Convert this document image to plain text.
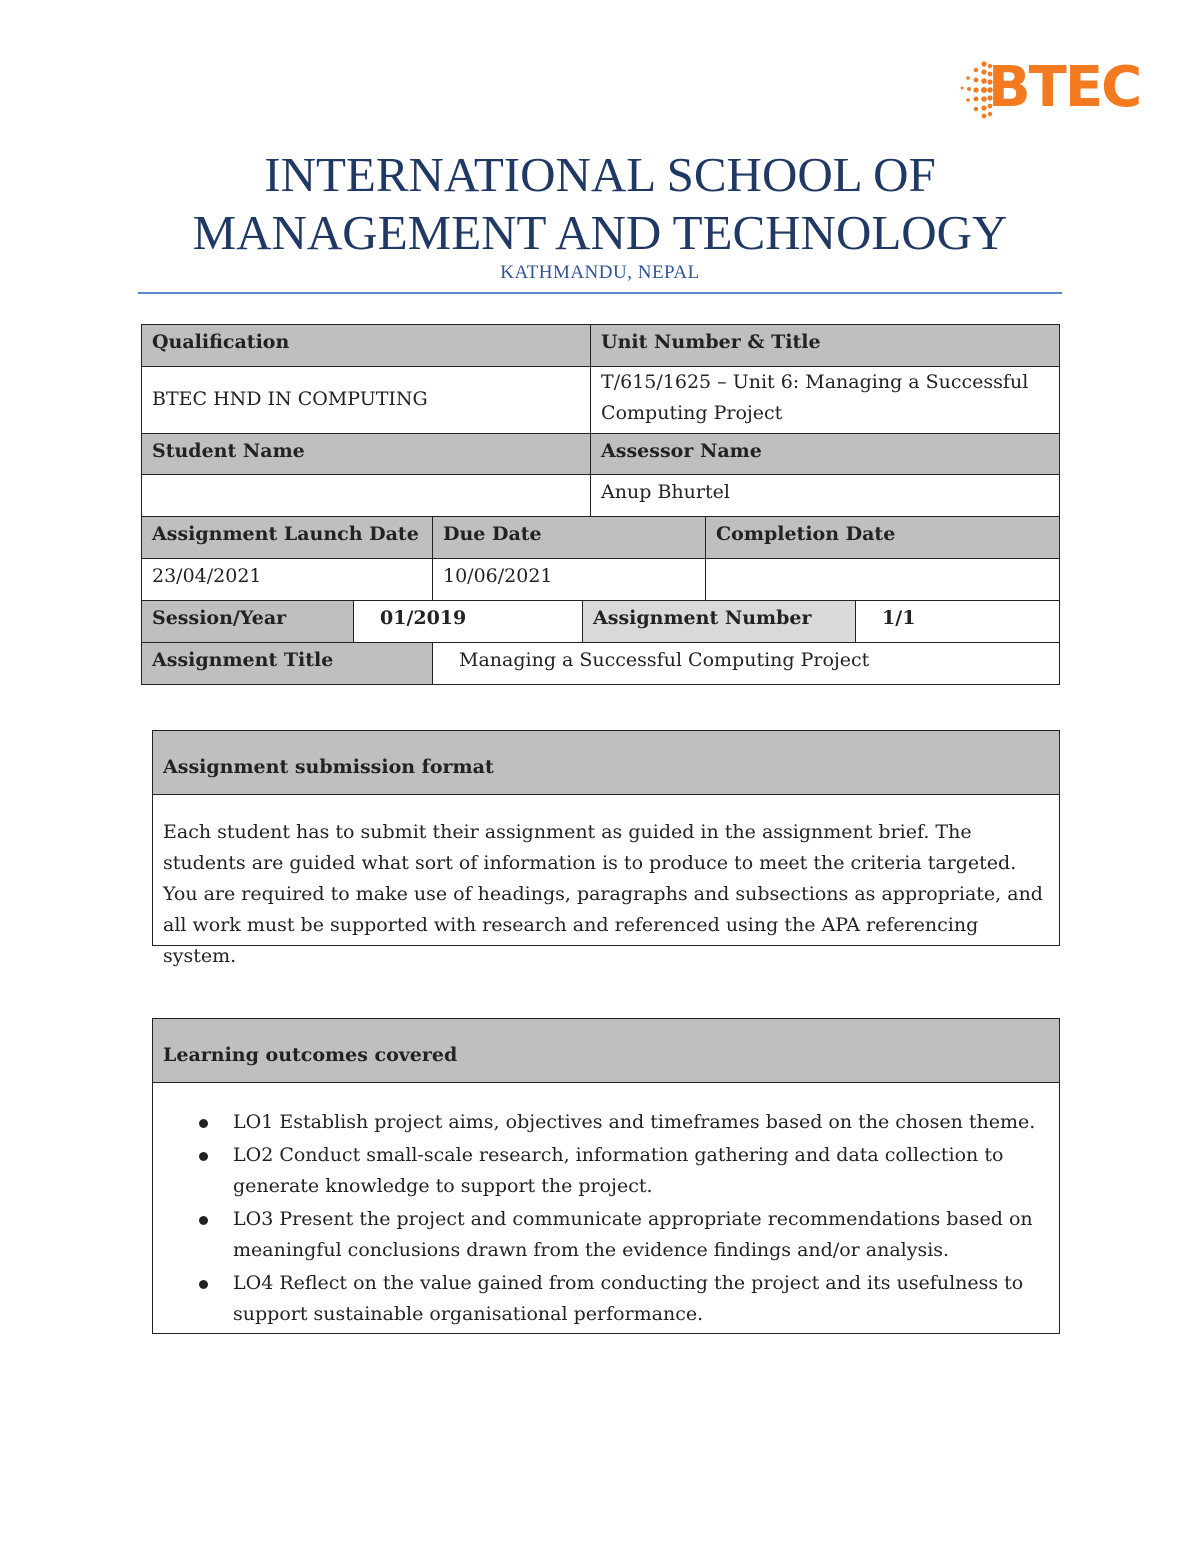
BTEC
INTERNATIONAL SCHOOL OF
MANAGEMENT AND TECHNOLOGY
KATHMANDU, NEPAL
Qualification				Unit Number & Title		
BTEC HND IN COMPUTING				T/615/1625 – Unit 6: Managing a Successful Computing Project		
Student Name				Assessor Name		
				Anup Bhurtel		
Assignment Launch Date		Due Date			Completion Date	
23/04/2021		10/06/2021				
Session/Year	01/2019		Assignment Number			1/1
Assignment Title		Managing a Successful Computing Project				
Assignment submission format
Each student has to submit their assignment as guided in the assignment brief. The students are guided what sort of information is to produce to meet the criteria targeted. You are required to make use of headings, paragraphs and subsections as appropriate, and all work must be supported with research and referenced using the APA referencing system.
Learning outcomes covered
LO1 Establish project aims, objectives and timeframes based on the chosen theme.
LO2 Conduct small-scale research, information gathering and data collection to generate knowledge to support the project.
LO3 Present the project and communicate appropriate recommendations based on meaningful conclusions drawn from the evidence findings and/or analysis.
LO4 Reflect on the value gained from conducting the project and its usefulness to support sustainable organisational performance.
